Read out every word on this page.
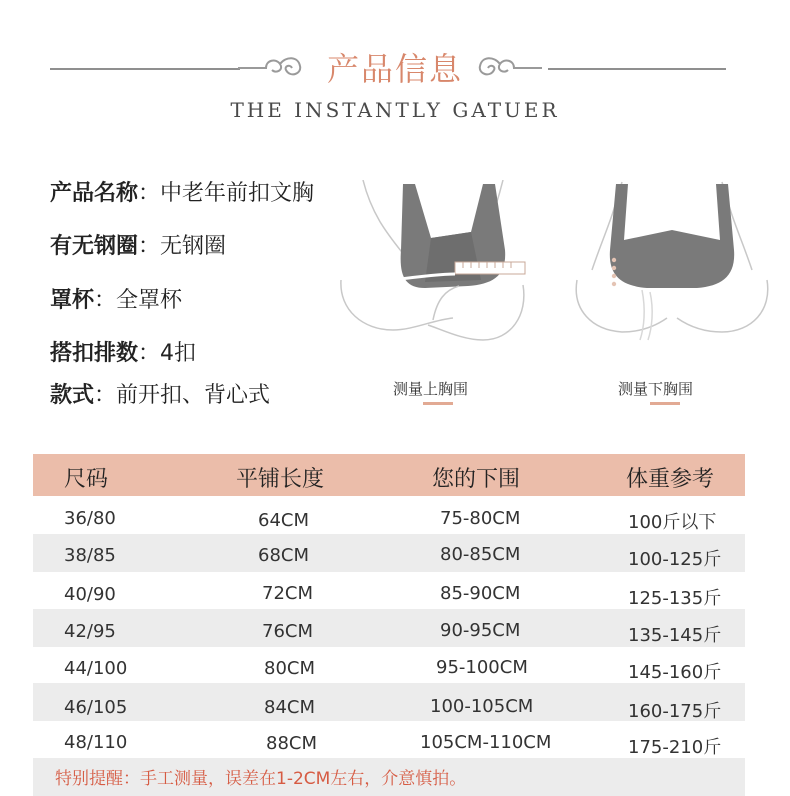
产品信息
THE INSTANTLY GATUER
产品名称：中老年前扣文胸
有无钢圈：无钢圈
罩杯：全罩杯
搭扣排数：4扣
款式：前开扣、背心式	测量上胸围	测量下胸围
尺码	平铺长度	您的下围	体重参考
36/80	64CM	75-80CM	100斤以下
38/85	68CM	80-85CM	100-125斤
40/90	72CM	85-90CM	125-135斤
42/95	76CM	90-95CM	135-145斤
44/100	80CM	95-100CM	145-160斤
46/105	84CM	100-105CM	160-175斤
48/110	88CM	105CM-110CM	175-210斤
特别提醒：手工测量，误差在1-2CM左右，介意慎拍。
